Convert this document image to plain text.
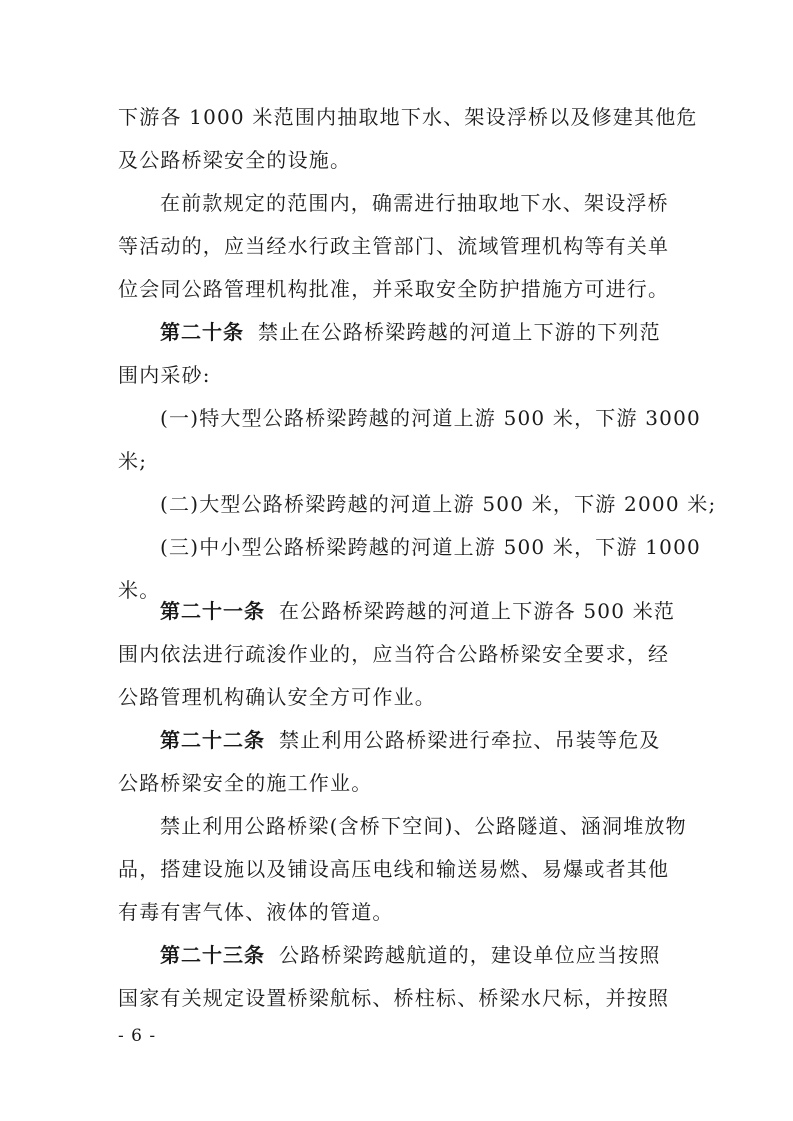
下游各 1000 米范围内抽取地下水、架设浮桥以及修建其他危
及公路桥梁安全的设施。
在前款规定的范围内，确需进行抽取地下水、架设浮桥
等活动的，应当经水行政主管部门、流域管理机构等有关单
位会同公路管理机构批准，并采取安全防护措施方可进行。
第二十条 禁止在公路桥梁跨越的河道上下游的下列范
围内采砂:
(一)特大型公路桥梁跨越的河道上游 500 米，下游 3000
米;
(二)大型公路桥梁跨越的河道上游 500 米，下游 2000 米;
(三)中小型公路桥梁跨越的河道上游 500 米，下游 1000
米。
第二十一条 在公路桥梁跨越的河道上下游各 500 米范
围内依法进行疏浚作业的，应当符合公路桥梁安全要求，经
公路管理机构确认安全方可作业。
第二十二条 禁止利用公路桥梁进行牵拉、吊装等危及
公路桥梁安全的施工作业。
禁止利用公路桥梁(含桥下空间)、公路隧道、涵洞堆放物
品，搭建设施以及铺设高压电线和输送易燃、易爆或者其他
有毒有害气体、液体的管道。
第二十三条 公路桥梁跨越航道的，建设单位应当按照
国家有关规定设置桥梁航标、桥柱标、桥梁水尺标，并按照
- 6 -
